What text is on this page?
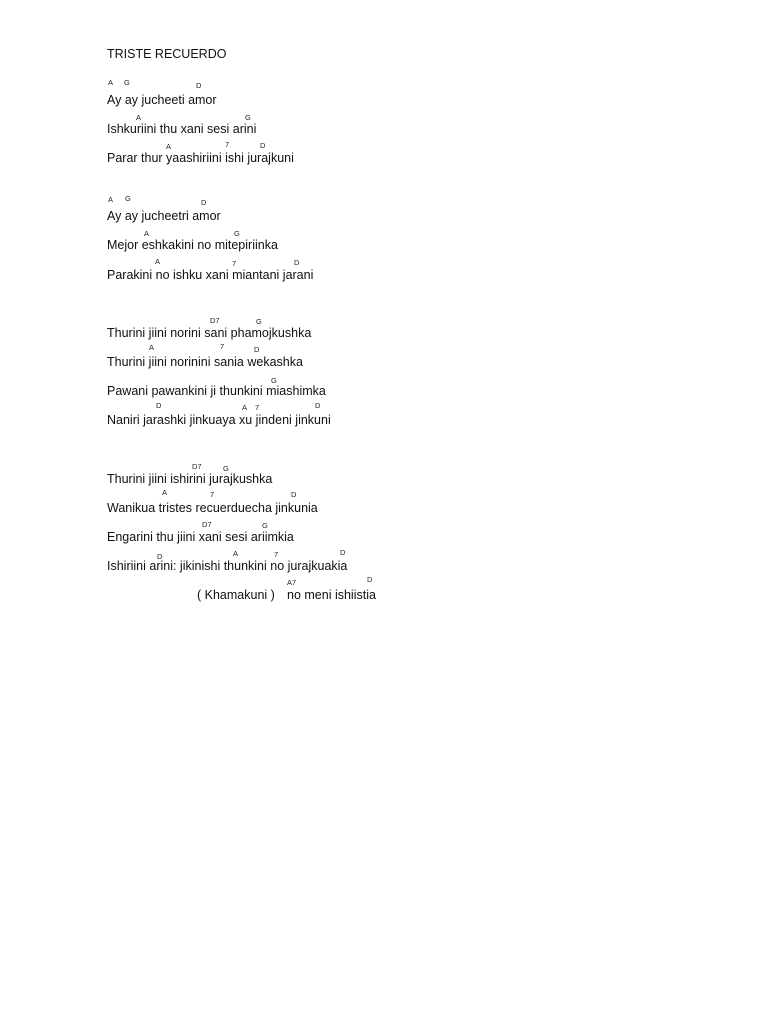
TRISTE RECUERDO
A G	D
Ay ay jucheeti amor
A	G
Ishkuriini thu xani sesi arini
A	7	D
Parar thur yaashiriini ishi jurajkuni
A G	D
Ay ay jucheetri amor
A	G
Mejor eshkakini no mitepiriinka
A	7	D
Parakini no ishku xani miantani jarani
D7	G
Thurini jiini norini sani phamojkushka
A	7	D
Thurini jiini norinini sania wekashka
G
Pawani pawankini ji thunkini miashimka
D	A 7	D
Naniri jarashki jinkuaya xu jindeni jinkuni
D7	G
Thurini jiini ishirini jurajkushka
A	7	D
Wanikua tristes recuerduecha jinkunia
D7	G
Engarini thu jiini xani sesi ariimkia
D	A	7	D
Ishiriini arini: jikinishi thunkini no jurajkuakia
A7	D
( Khamakuni ) no meni ishiistia
